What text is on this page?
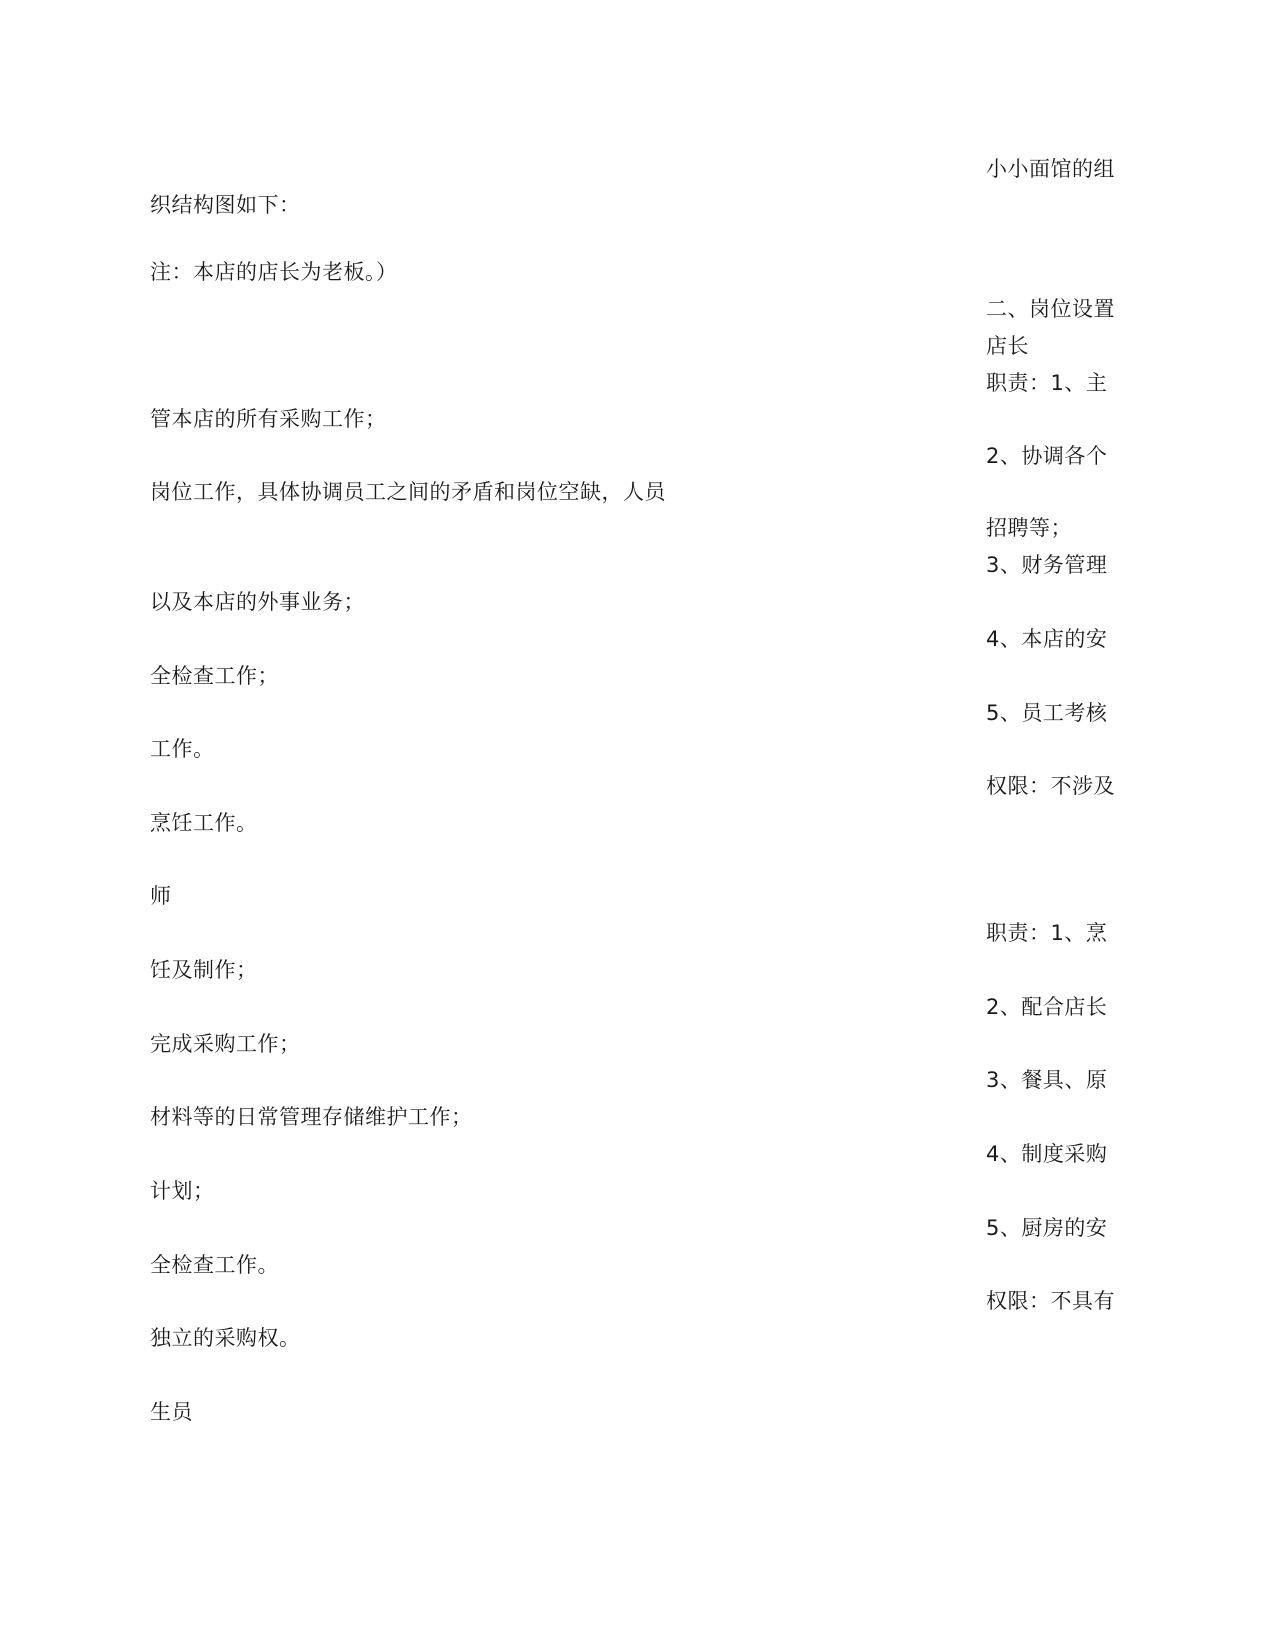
小小面馆的组
二、岗位设置
店长
职责：1、主
2、协调各个
招聘等；
3、财务管理
4、本店的安
5、员工考核
权限：不涉及
职责：1、烹
2、配合店长
3、餐具、原
4、制度采购
5、厨房的安
权限：不具有
织结构图如下：
注：本店的店长为老板。）
管本店的所有采购工作；
岗位工作，具体协调员工之间的矛盾和岗位空缺，人员
以及本店的外事业务；
全检查工作；
工作。
烹饪工作。
师
饪及制作；
完成采购工作；
材料等的日常管理存储维护工作；
计划；
全检查工作。
独立的采购权。
生员
